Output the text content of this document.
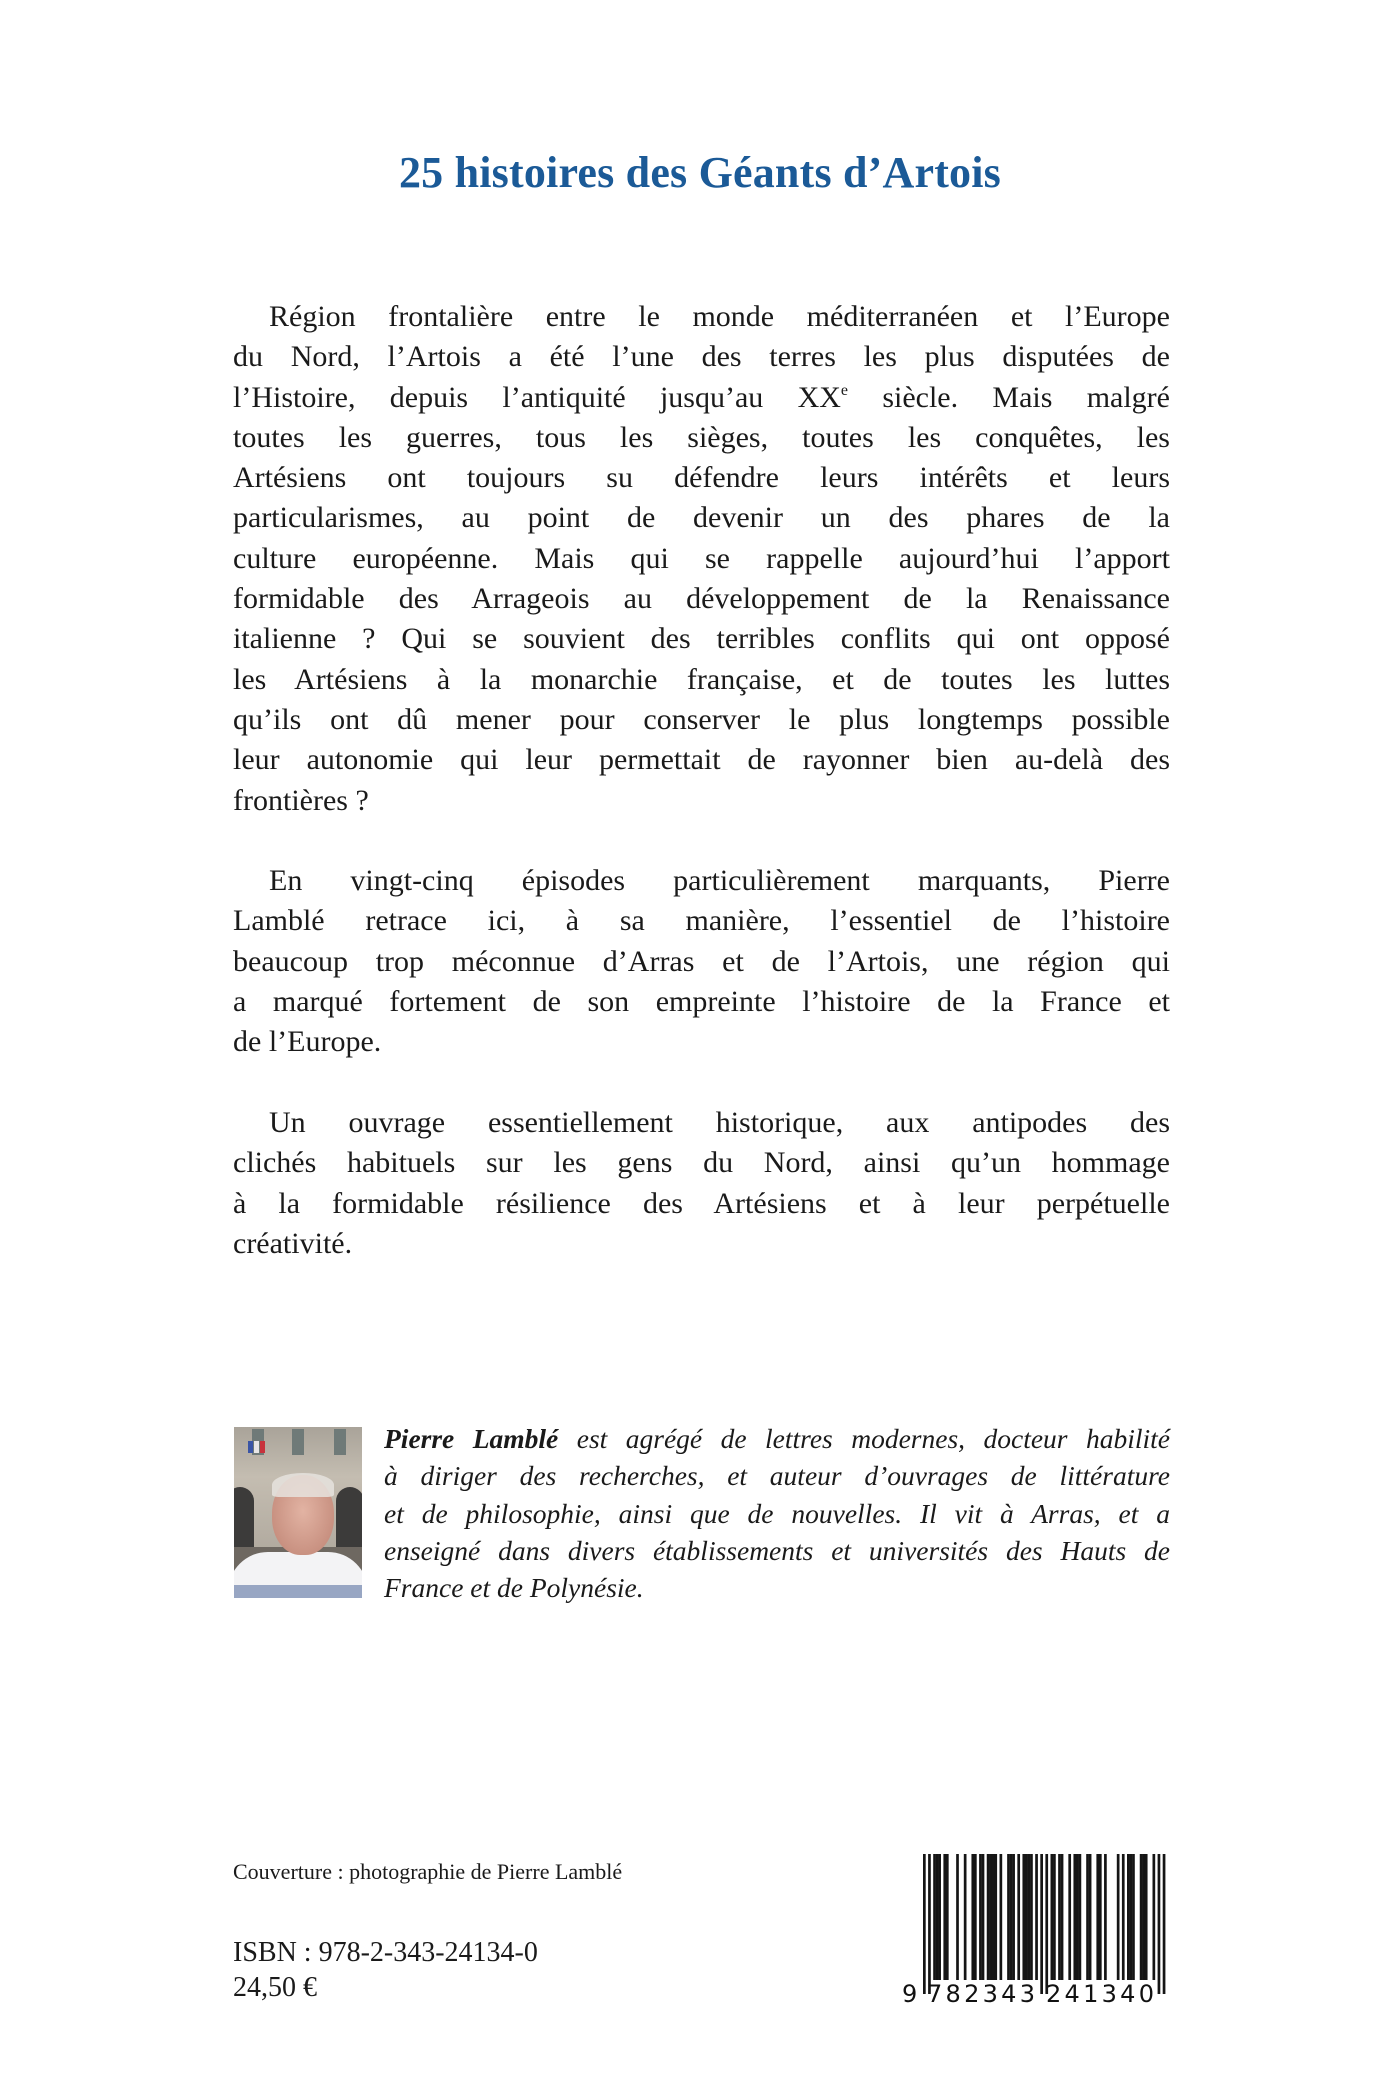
25 histoires des Géants d’Artois
Région frontalière entre le monde méditerranéen et l’Europe
du Nord, l’Artois a été l’une des terres les plus disputées de
l’Histoire, depuis l’antiquité jusqu’au XXe siècle. Mais malgré
toutes les guerres, tous les sièges, toutes les conquêtes, les
Artésiens ont toujours su défendre leurs intérêts et leurs
particularismes, au point de devenir un des phares de la
culture européenne. Mais qui se rappelle aujourd’hui l’apport
formidable des Arrageois au développement de la Renaissance
italienne ? Qui se souvient des terribles conflits qui ont opposé
les Artésiens à la monarchie française, et de toutes les luttes
qu’ils ont dû mener pour conserver le plus longtemps possible
leur autonomie qui leur permettait de rayonner bien au-delà des
frontières ?
En vingt-cinq épisodes particulièrement marquants, Pierre
Lamblé retrace ici, à sa manière, l’essentiel de l’histoire
beaucoup trop méconnue d’Arras et de l’Artois, une région qui
a marqué fortement de son empreinte l’histoire de la France et
de l’Europe.
Un ouvrage essentiellement historique, aux antipodes des
clichés habituels sur les gens du Nord, ainsi qu’un hommage
à la formidable résilience des Artésiens et à leur perpétuelle
créativité.
Pierre Lamblé est agrégé de lettres modernes, docteur habilité
à diriger des recherches, et auteur d’ouvrages de littérature
et de philosophie, ainsi que de nouvelles. Il vit à Arras, et a
enseigné dans divers établissements et universités des Hauts de
France et de Polynésie.
Couverture : photographie de Pierre Lamblé
ISBN : 978-2-343-24134-0
24,50 €	9 782343 241340
